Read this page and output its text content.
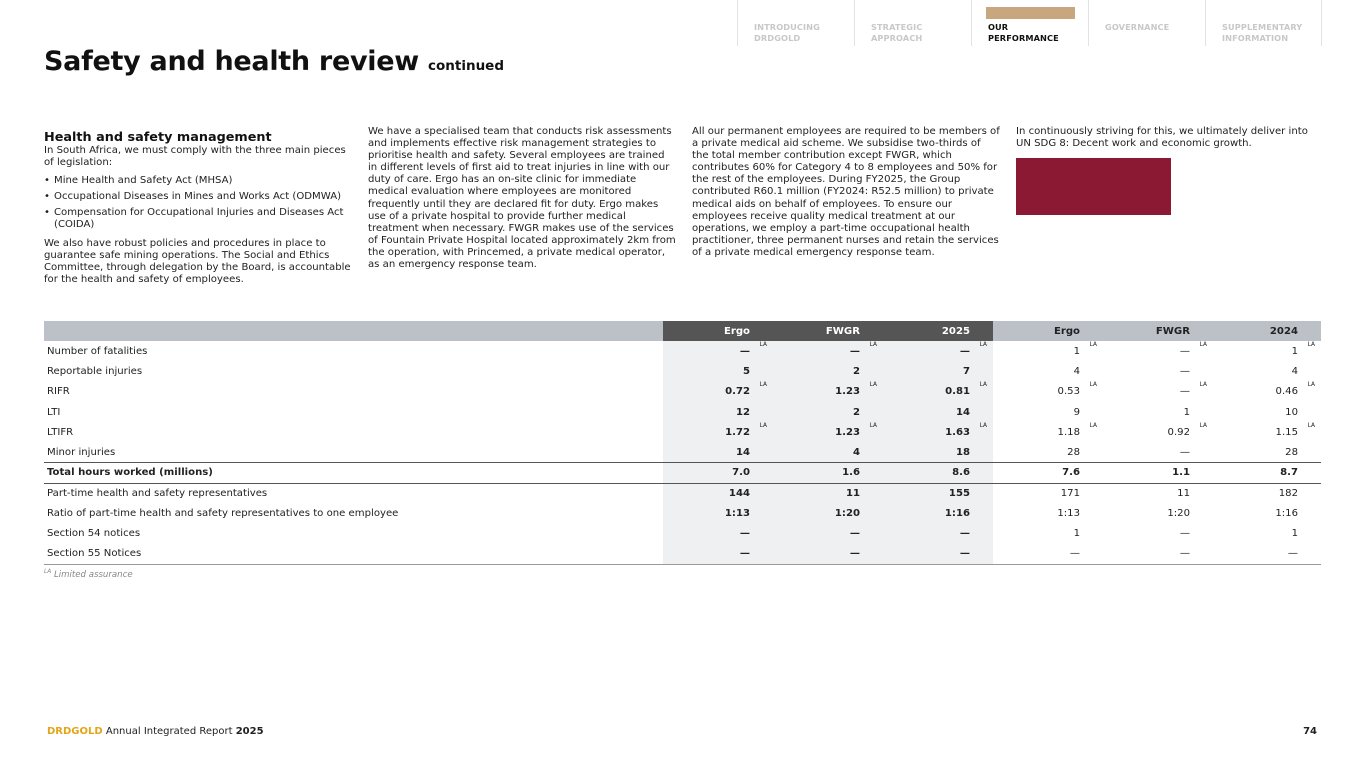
INTRODUCING
DRDGOLD
STRATEGIC
APPROACH
OUR
PERFORMANCE
GOVERNANCE	SUPPLEMENTARY
INFORMATION
Safety and health review continued
Health and safety management

In South Africa, we must comply with the three main pieces of legislation:

• Mine Health and Safety Act (MHSA)
• Occupational Diseases in Mines and Works Act (ODMWA)
• Compensation for Occupational Injuries and Diseases Act (COIDA)

We also have robust policies and procedures in place to guarantee safe mining operations. The Social and Ethics Committee, through delegation by the Board, is accountable for the health and safety of employees.

We have a specialised team that conducts risk assessments and implements effective risk management strategies to prioritise health and safety. Several employees are trained in different levels of first aid to treat injuries in line with our duty of care. Ergo has an on-site clinic for immediate medical evaluation where employees are monitored frequently until they are declared fit for duty. Ergo makes use of a private hospital to provide further medical treatment when necessary. FWGR makes use of the services of Fountain Private Hospital located approximately 2km from the operation, with Princemed, a private medical operator, as an emergency response team.

All our permanent employees are required to be members of a private medical aid scheme. We subsidise two-thirds of the total member contribution except FWGR, which contributes 60% for Category 4 to 8 employees and 50% for the rest of the employees. During FY2025, the Group contributed R60.1 million (FY2024: R52.5 million) to private medical aids on behalf of employees. To ensure our employees receive quality medical treatment at our operations, we employ a part-time occupational health practitioner, three permanent nurses and retain the services of a private medical emergency response team.

In continuously striving for this, we ultimately deliver into UN SDG 8: Decent work and economic growth.

	Ergo	FWGR	2025	Ergo	FWGR	2024
Number of fatalities	— LA	— LA	— LA	1 LA	— LA	1 LA
Reportable injuries	5	2	7	4	—	4
RIFR	0.72 LA	1.23 LA	0.81 LA	0.53 LA	— LA	0.46 LA
LTI	12	2	14	9	1	10
LTIFR	1.72 LA	1.23 LA	1.63 LA	1.18 LA	0.92 LA	1.15 LA
Minor injuries	14	4	18	28	—	28
Total hours worked (millions)	7.0	1.6	8.6	7.6	1.1	8.7
Part-time health and safety representatives	144	11	155	171	11	182
Ratio of part-time health and safety representatives to one employee	1:13	1:20	1:16	1:13	1:20	1:16
Section 54 notices	—	—	—	1	—	1
Section 55 Notices	—	—	—	—	—	—
$^{LA}$ Limited assurance
DRDGOLD Annual Integrated Report 2025	74
